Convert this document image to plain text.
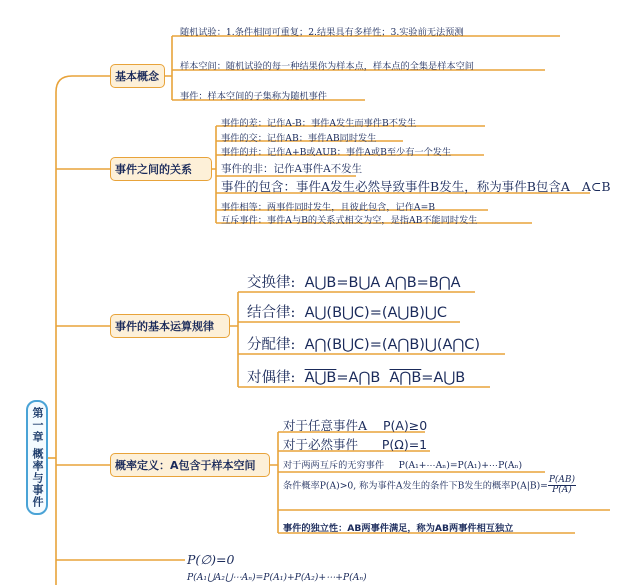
第一章 概率与事件
基本概念
随机试验：1.条件相同可重复；2.结果具有多样性；3.实验前无法预测
样本空间：随机试验的每一种结果你为样本点，样本点的全集是样本空间
事件：样本空间的子集称为随机事件
事件之间的关系
事件的差：记作A-B：事件A发生而事件B不发生
事件的交：记作AB：事件AB同时发生
事件的并：记作A+B或AUB：事件A或B至少有一个发生
事件的非：记作A事件A不发生
事件的包含：事件A发生必然导致事件B发生，称为事件B包含A A⊂B
事件相等：两事件同时发生，且彼此包含，记作A=B
互斥事件：事件A与B的关系式相交为空，是指AB不能同时发生
事件的基本运算规律
交换律: A⋃B=B⋃A A⋂B=B⋂A
结合律: A⋃(B⋃C)=(A⋃B)⋃C
分配律: A⋂(B⋃C)=(A⋂B)⋃(A⋂C)
对偶律: A⋃B=A⋂B A⋂B=A⋃B
概率定义：A包含于样本空间
对于任意事件A P(A)≥0
对于必然事件 P(Ω)=1
对于两两互斥的无穷事件 P(A₁+⋯Aₙ)=P(A₁)+⋯P(Aₙ)
条件概率P(A)>0, 称为事件A发生的条件下B发生的概率$P(A|B)= \frac{P(AB)}{P(A)}$
事件的独立性：AB两事件满足，称为AB两事件相互独立
P(∅)=0
P(A₁⋃A₂⋃⋯Aₙ)=P(A₁)+P(A₂)+⋯+P(Aₙ)
